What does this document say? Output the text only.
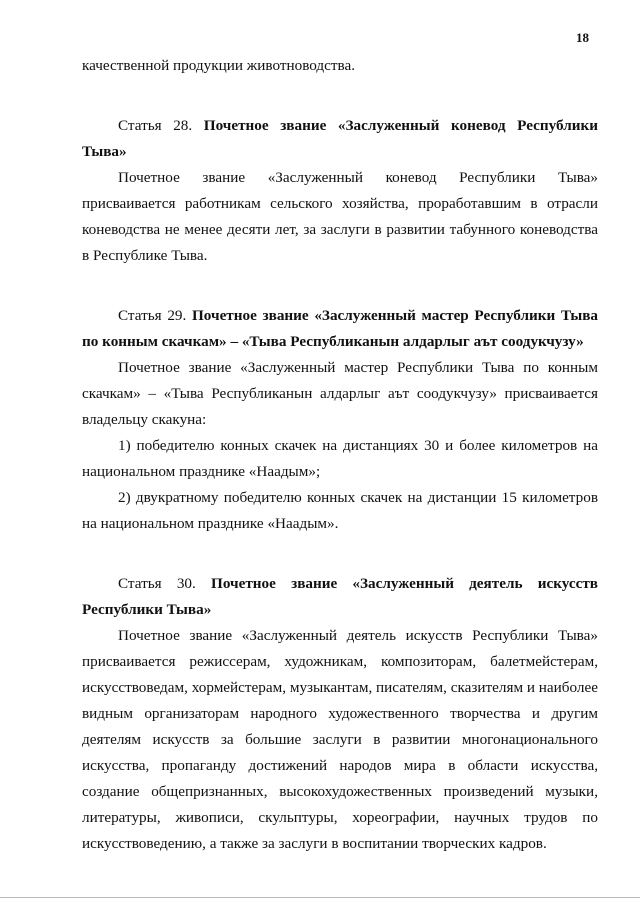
18

качественной продукции животноводства.

Статья 28. Почетное звание «Заслуженный коневод Республики Тыва»

Почетное звание «Заслуженный коневод Республики Тыва» присваивается работникам сельского хозяйства, проработавшим в отрасли коневодства не менее десяти лет, за заслуги в развитии табунного коневодства в Республике Тыва.

Статья 29. Почетное звание «Заслуженный мастер Республики Тыва по конным скачкам» – «Тыва Республиканын алдарлыг аът соодукчузу»

Почетное звание «Заслуженный мастер Республики Тыва по конным скачкам» – «Тыва Республиканын алдарлыг аът соодукчузу» присваивается владельцу скакуна:

1) победителю конных скачек на дистанциях 30 и более километров на национальном празднике «Наадым»;

2) двукратному победителю конных скачек на дистанции 15 километров на национальном празднике «Наадым».

Статья 30. Почетное звание «Заслуженный деятель искусств Республики Тыва»

Почетное звание «Заслуженный деятель искусств Республики Тыва» присваивается режиссерам, художникам, композиторам, балетмейстерам, искусствоведам, хормейстерам, музыкантам, писателям, сказителям и наиболее видным организаторам народного художественного творчества и другим деятелям искусств за большие заслуги в развитии многонационального искусства, пропаганду достижений народов мира в области искусства, создание общепризнанных, высокохудожественных произведений музыки, литературы, живописи, скульптуры, хореографии, научных трудов по искусствоведению, а также за заслуги в воспитании творческих кадров.
